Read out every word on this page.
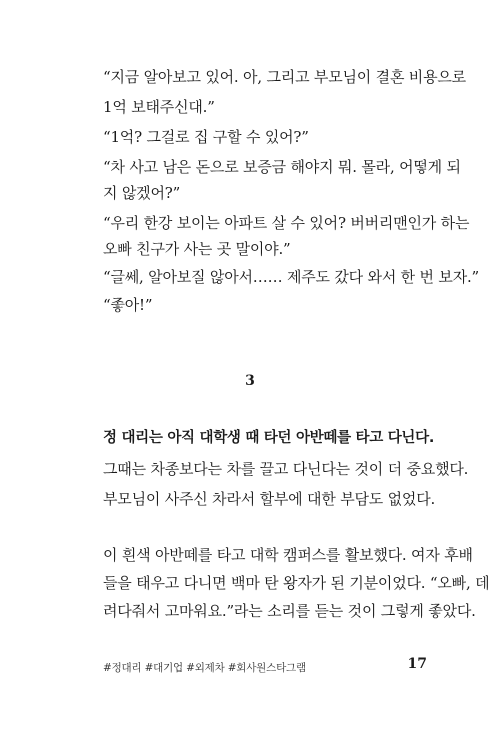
“지금 알아보고 있어. 아, 그리고 부모님이 결혼 비용으로
1억 보태주신대.”
“1억? 그걸로 집 구할 수 있어?”
“차 사고 남은 돈으로 보증금 해야지 뭐. 몰라, 어떻게 되
지 않겠어?”
“우리 한강 보이는 아파트 살 수 있어? 버버리맨인가 하는
오빠 친구가 사는 곳 말이야.”
“글쎄, 알아보질 않아서…… 제주도 갔다 와서 한 번 보자.”
“좋아!”
3
정 대리는 아직 대학생 때 타던 아반떼를 타고 다닌다.
그때는 차종보다는 차를 끌고 다닌다는 것이 더 중요했다.
부모님이 사주신 차라서 할부에 대한 부담도 없었다.
이 흰색 아반떼를 타고 대학 캠퍼스를 활보했다. 여자 후배
들을 태우고 다니면 백마 탄 왕자가 된 기분이었다. “오빠, 데
려다줘서 고마워요.”라는 소리를 듣는 것이 그렇게 좋았다.
#정대리 #대기업 #외제차 #회사원스타그램	17
